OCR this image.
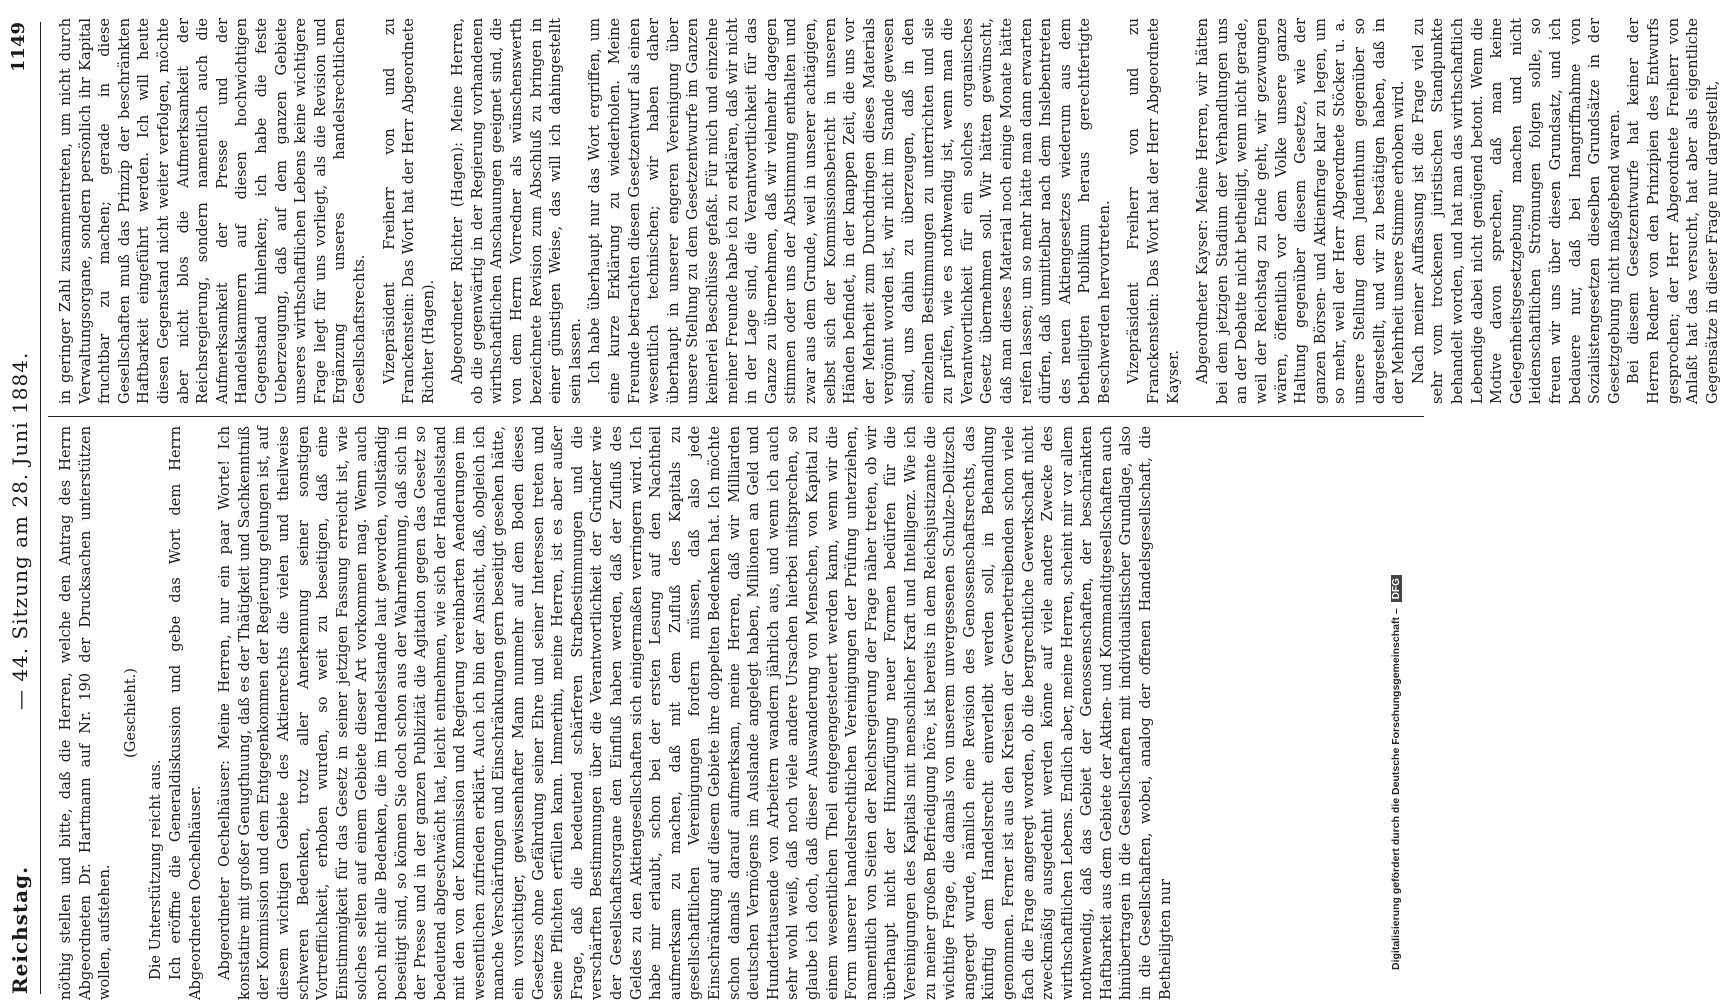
Reichstag.
— 44. Sitzung am 28. Juni 1884.
1149

nöthig stellen und bitte, daß die Herren, welche den Antrag des Herrn Abgeordneten Dr. Hartmann auf Nr. 190 der Drucksachen unterstützen wollen, aufstehen.

(Geschieht.)

Die Unterstützung reicht aus. Ich eröffne die Generaldiskussion und gebe das Wort dem Herrn Abgeordneten Oechelhäuser. Abgeordneter Oechelhäuser: Meine Herren, nur ein paar Worte! Ich konstatire mit großer Genugthuung, daß es der Thätigkeit und Sachkenntniß der Kommission und dem Entgegenkommen der Regierung gelungen ist, auf diesem wichtigen Gebiete des Aktienrechts die vielen und theilweise schweren Bedenken, trotz aller Anerkennung seiner sonstigen Vortrefflichkeit, erhoben wurden, so weit zu beseitigen, daß eine Einstimmigkeit für das Gesetz in seiner jetzigen Fassung erreicht ist, wie solches selten auf einem Gebiete dieser Art vorkommen mag. Wenn auch noch nicht alle Bedenken, die im Handelsstande laut geworden, vollständig beseitigt sind, so können Sie doch schon aus der Wahrnehmung, daß sich in der Presse und in der ganzen Publizität die Agitation gegen das Gesetz so bedeutend abgeschwächt hat, leicht entnehmen, wie sich der Handelsstand mit den von der Kommission und Regierung vereinbarten Aenderungen im wesentlichen zufrieden erklärt. Auch ich bin der Ansicht, daß, obgleich ich manche Verschärfungen und Einschränkungen gern beseitigt gesehen hätte, ein vorsichtiger, gewissenhafter Mann nunmehr auf dem Boden dieses Gesetzes ohne Gefährdung seiner Ehre und seiner Interessen treten und seine Pflichten erfüllen kann. Immerhin, meine Herren, ist es aber außer Frage, daß die bedeutend schärferen Strafbestimmungen und die verschärften Bestimmungen über die Verantwortlichkeit der Gründer wie der Gesellschaftsorgane den Einfluß haben werden, daß der Zufluß des Geldes zu den Aktiengesellschaften sich einigermaßen verringern wird. Ich habe mir erlaubt, schon bei der ersten Lesung auf den Nachtheil aufmerksam zu machen, daß mit dem Zufluß des Kapitals zu gesellschaftlichen Vereinigungen fordern müssen, daß also jede Einschränkung auf diesem Gebiete ihre doppelten Bedenken hat. Ich möchte schon damals darauf aufmerksam, meine Herren, daß wir Milliarden deutschen Vermögens im Auslande angelegt haben, Millionen an Geld und Hunderttausende von Arbeitern wandern jährlich aus, und wenn ich auch sehr wohl weiß, daß noch viele andere Ursachen hierbei mitsprechen, so glaube ich doch, daß dieser Auswanderung von Menschen, von Kapital zu einem wesentlichen Theil entgegengesteuert werden kann, wenn wir die Form unserer handelsrechtlichen Vereinigungen der Prüfung unterziehen, namentlich von Seiten der Reichsregierung der Frage näher treten, ob wir überhaupt nicht der Hinzufügung neuer Formen bedürfen für die Vereinigungen des Kapitals mit menschlicher Kraft und Intelligenz. Wie ich zu meiner großen Befriedigung höre, ist bereits in dem Reichsjustizamte die wichtige Frage, die damals von unserem unvergessenen Schulze-Delitzsch angeregt wurde, nämlich eine Revision des Genossenschaftsrechts, das künftig dem Handelsrecht einverleibt werden soll, in Behandlung genommen. Ferner ist aus den Kreisen der Gewerbetreibenden schon viele fach die Frage angeregt worden, ob die bergrechtliche Gewerkschaft nicht zweckmäßig ausgedehnt werden könne auf viele andere Zwecke des wirthschaftlichen Lebens. Endlich aber, meine Herren, scheint mir vor allem nothwendig, daß das Gebiet der Genossenschaften, der beschränkten Haftbarkeit aus dem Gebiete der Aktien- und Kommanditgesellschaften auch hinübertragen in die Gesellschaften mit individualistischer Grundlage, also in die Gesellschaften, wobei, analog der offenen Handelsgesellschaft, die Betheiligten nur

in geringer Zahl zusammentreten, um nicht durch Verwaltungsorgane, sondern persönlich ihr Kapital fruchtbar zu machen; gerade in diese Gesellschaften muß das Prinzip der beschränkten Haftbarkeit eingeführt werden. Ich will heute diesen Gegenstand nicht weiter verfolgen, möchte aber nicht blos die Aufmerksamkeit der Reichsregierung, sondern namentlich auch die Aufmerksamkeit der Presse und der Handelskammern auf diesen hochwichtigen Gegenstand hinlenken; ich habe die feste Ueberzeugung, daß auf dem ganzen Gebiete unseres wirthschaftlichen Lebens keine wichtigere Frage liegt für uns vorliegt, als die Revision und Ergänzung unseres handelsrechtlichen Gesellschaftsrechts. Vizepräsident Freiherr von und zu Franckenstein: Das Wort hat der Herr Abgeordnete Richter (Hagen). Abgeordneter Richter (Hagen): Meine Herren, ob die gegenwärtig in der Regierung vorhandenen wirthschaftlichen Anschauungen geeignet sind, die von dem Herrn Vorredner als wünschenswerth bezeichnete Revision zum Abschluß zu bringen in einer günstigen Weise, das will ich dahingestellt sein lassen. Ich habe überhaupt nur das Wort ergriffen, um eine kurze Erklärung zu wiederholen. Meine Freunde betrachten diesen Gesetzentwurf als einen wesentlich technischen; wir haben daher überhaupt in unserer engeren Vereinigung über unsere Stellung zu dem Gesetzentwurfe im Ganzen keinerlei Beschlüsse gefaßt. Für mich und einzelne meiner Freunde habe ich zu erklären, daß wir nicht in der Lage sind, die Verantwortlichkeit für das Ganze zu übernehmen, daß wir vielmehr dagegen stimmen oder uns der Abstimmung enthalten und zwar aus dem Grunde, weil in unserer achtägigen, selbst sich der Kommissionsbericht in unseren Händen befindet, in der knappen Zeit, die uns vor der Mehrheit zum Durchdringen dieses Materials vergönnt worden ist, wir nicht im Stande gewesen sind, uns dahin zu überzeugen, daß in den einzelnen Bestimmungen zu unterrichten und sie zu prüfen, wie es nothwendig ist, wenn man die Verantwortlichkeit für ein solches organisches Gesetz übernehmen soll. Wir hätten gewünscht, daß man dieses Material noch einige Monate hätte reifen lassen; um so mehr hätte man dann erwarten dürfen, daß unmittelbar nach dem Inslebentreten des neuen Aktiengesetzes wiederum aus dem betheiligten Publikum heraus gerechtfertigte Beschwerden hervortreten. Vizepräsident Freiherr von und zu Franckenstein: Das Wort hat der Herr Abgeordnete Kayser. Abgeordneter Kayser: Meine Herren, wir hätten bei dem jetzigen Stadium der Verhandlungen uns an der Debatte nicht betheiligt, wenn nicht gerade, weil der Reichstag zu Ende geht, wir gezwungen wären, öffentlich vor dem Volke unsere ganze Haltung gegenüber diesem Gesetze, wie der ganzen Börsen- und Aktienfrage klar zu legen, um so mehr, weil der Herr Abgeordnete Stöcker u. a. unsere Stellung dem Judenthum gegenüber so dargestellt, und wir zu bestätigen haben, daß in der Mehrheit unsere Stimme erhoben wird. Nach meiner Auffassung ist die Frage viel zu sehr vom trockenen juristischen Standpunkte behandelt worden, und hat man das wirthschaftlich Lebendige dabei nicht genügend betont. Wenn die Motive davon sprechen, daß man keine Gelegenheitsgesetzgebung machen und nicht leidenschaftlichen Strömungen folgen solle, so freuen wir uns über diesen Grundsatz, und ich bedauere nur, daß bei Inangriffnahme von Sozialistengesetzen dieselben Grundsätze in der Gesetzgebung nicht maßgebend waren. Bei diesem Gesetzentwurfe hat keiner der Herren Redner von den Prinzipien des Entwurfs gesprochen; der Herr Abgeordnete Freiherr von Anlaßt hat das versucht, hat aber als eigentliche Gegensätze in dieser Frage nur dargestellt,

Digitalisierung gefördert durch die Deutsche Forschungsgemeinschaft –DFG
